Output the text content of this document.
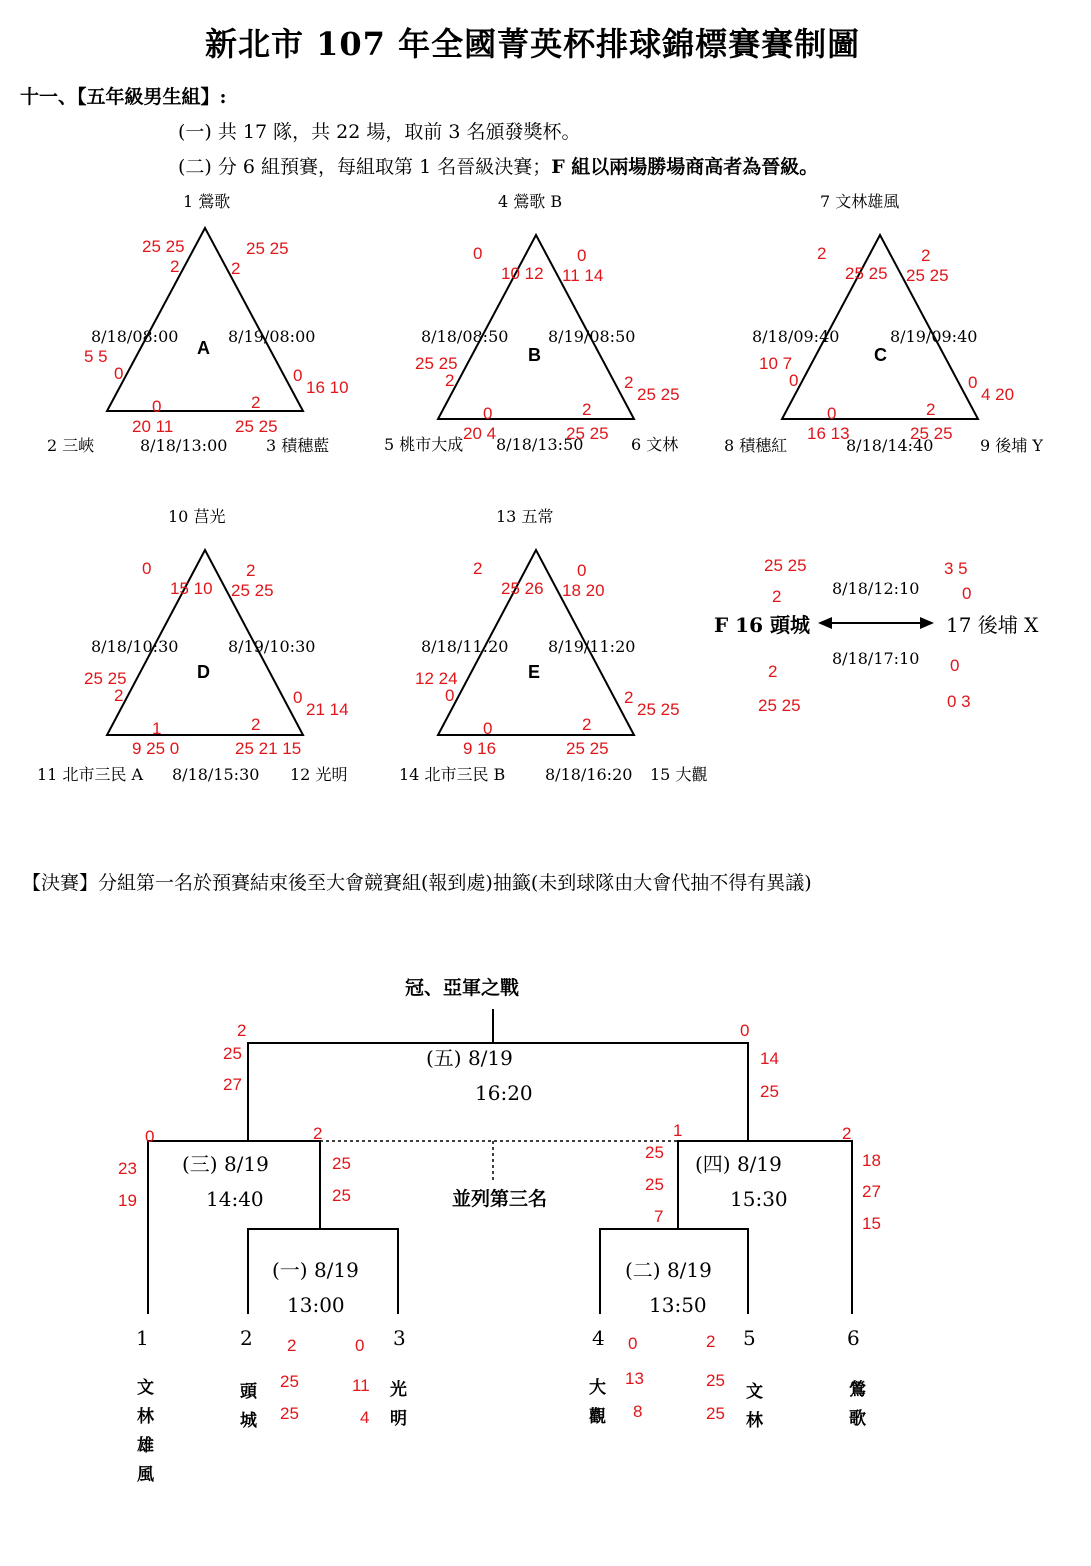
新北市 107 年全國菁英杯排球錦標賽賽制圖
十一、【五年級男生組】:
(一) 共 17 隊，共 22 場，取前 3 名頒發獎杯。
(二) 分 6 組預賽，每組取第 1 名晉級決賽；F 組以兩場勝場商高者為晉級。
1 鶯歌
2 三峽	3 積穗藍
8/18/08:00	8/19/08:00
8/18/13:00
A
25 25
2
25 25
2
5 5
0	0
16 10
0	2
20 11	25 25
4 鶯歌 B
5 桃市大成	6 文林
8/18/08:50 8/19/08:50
8/18/13:50
B
0
10 12
0
11 14
25 25
2	2
25 25
0	2
20 4	25 25
7 文林雄風
8 積穗紅	9 後埔 Y
8/18/09:40	8/19/09:40
8/18/14:40
C
2
25 25
2
25 25
10 7
0	0
4 20
0	2
16 13	25 25
10 莒光
11 北市三民 A	12 光明
8/18/10:30	8/19/10:30
8/18/15:30
D
0
15 10
2
25 25
25 25
2	0
21 14
1	2
9 25 0	25 21 15
13 五常
14 北市三民 B	15 大觀
8/18/11:20 8/19/11:20
8/18/16:20
E
2
25 26
0
18 20
12 24
0	2
25 25
0	2
9 16	25 25
F 16 頭城	17 後埔 X
8/18/12:10
8/18/17:10
25 25
2
3 5
0
2
25 25
0
0 3
【決賽】分組第一名於預賽結束後至大會競賽組(報到處)抽籤(未到球隊由大會代抽不得有異議)
冠、亞軍之戰
並列第三名
(五) 8/19
16:20
(三) 8/19
14:40
(四) 8/19
15:30
(一) 8/19
13:00
(二) 8/19
13:50
1
文林雄風
2
頭城
3
光明
4
大觀
5
文林
6
鶯歌
2
25
27
0
14
25
0
23
19
2
25
25
1
25
25
7
2
18
27
15
2
25
25
0
11
4
0
13
8
2
25
25
